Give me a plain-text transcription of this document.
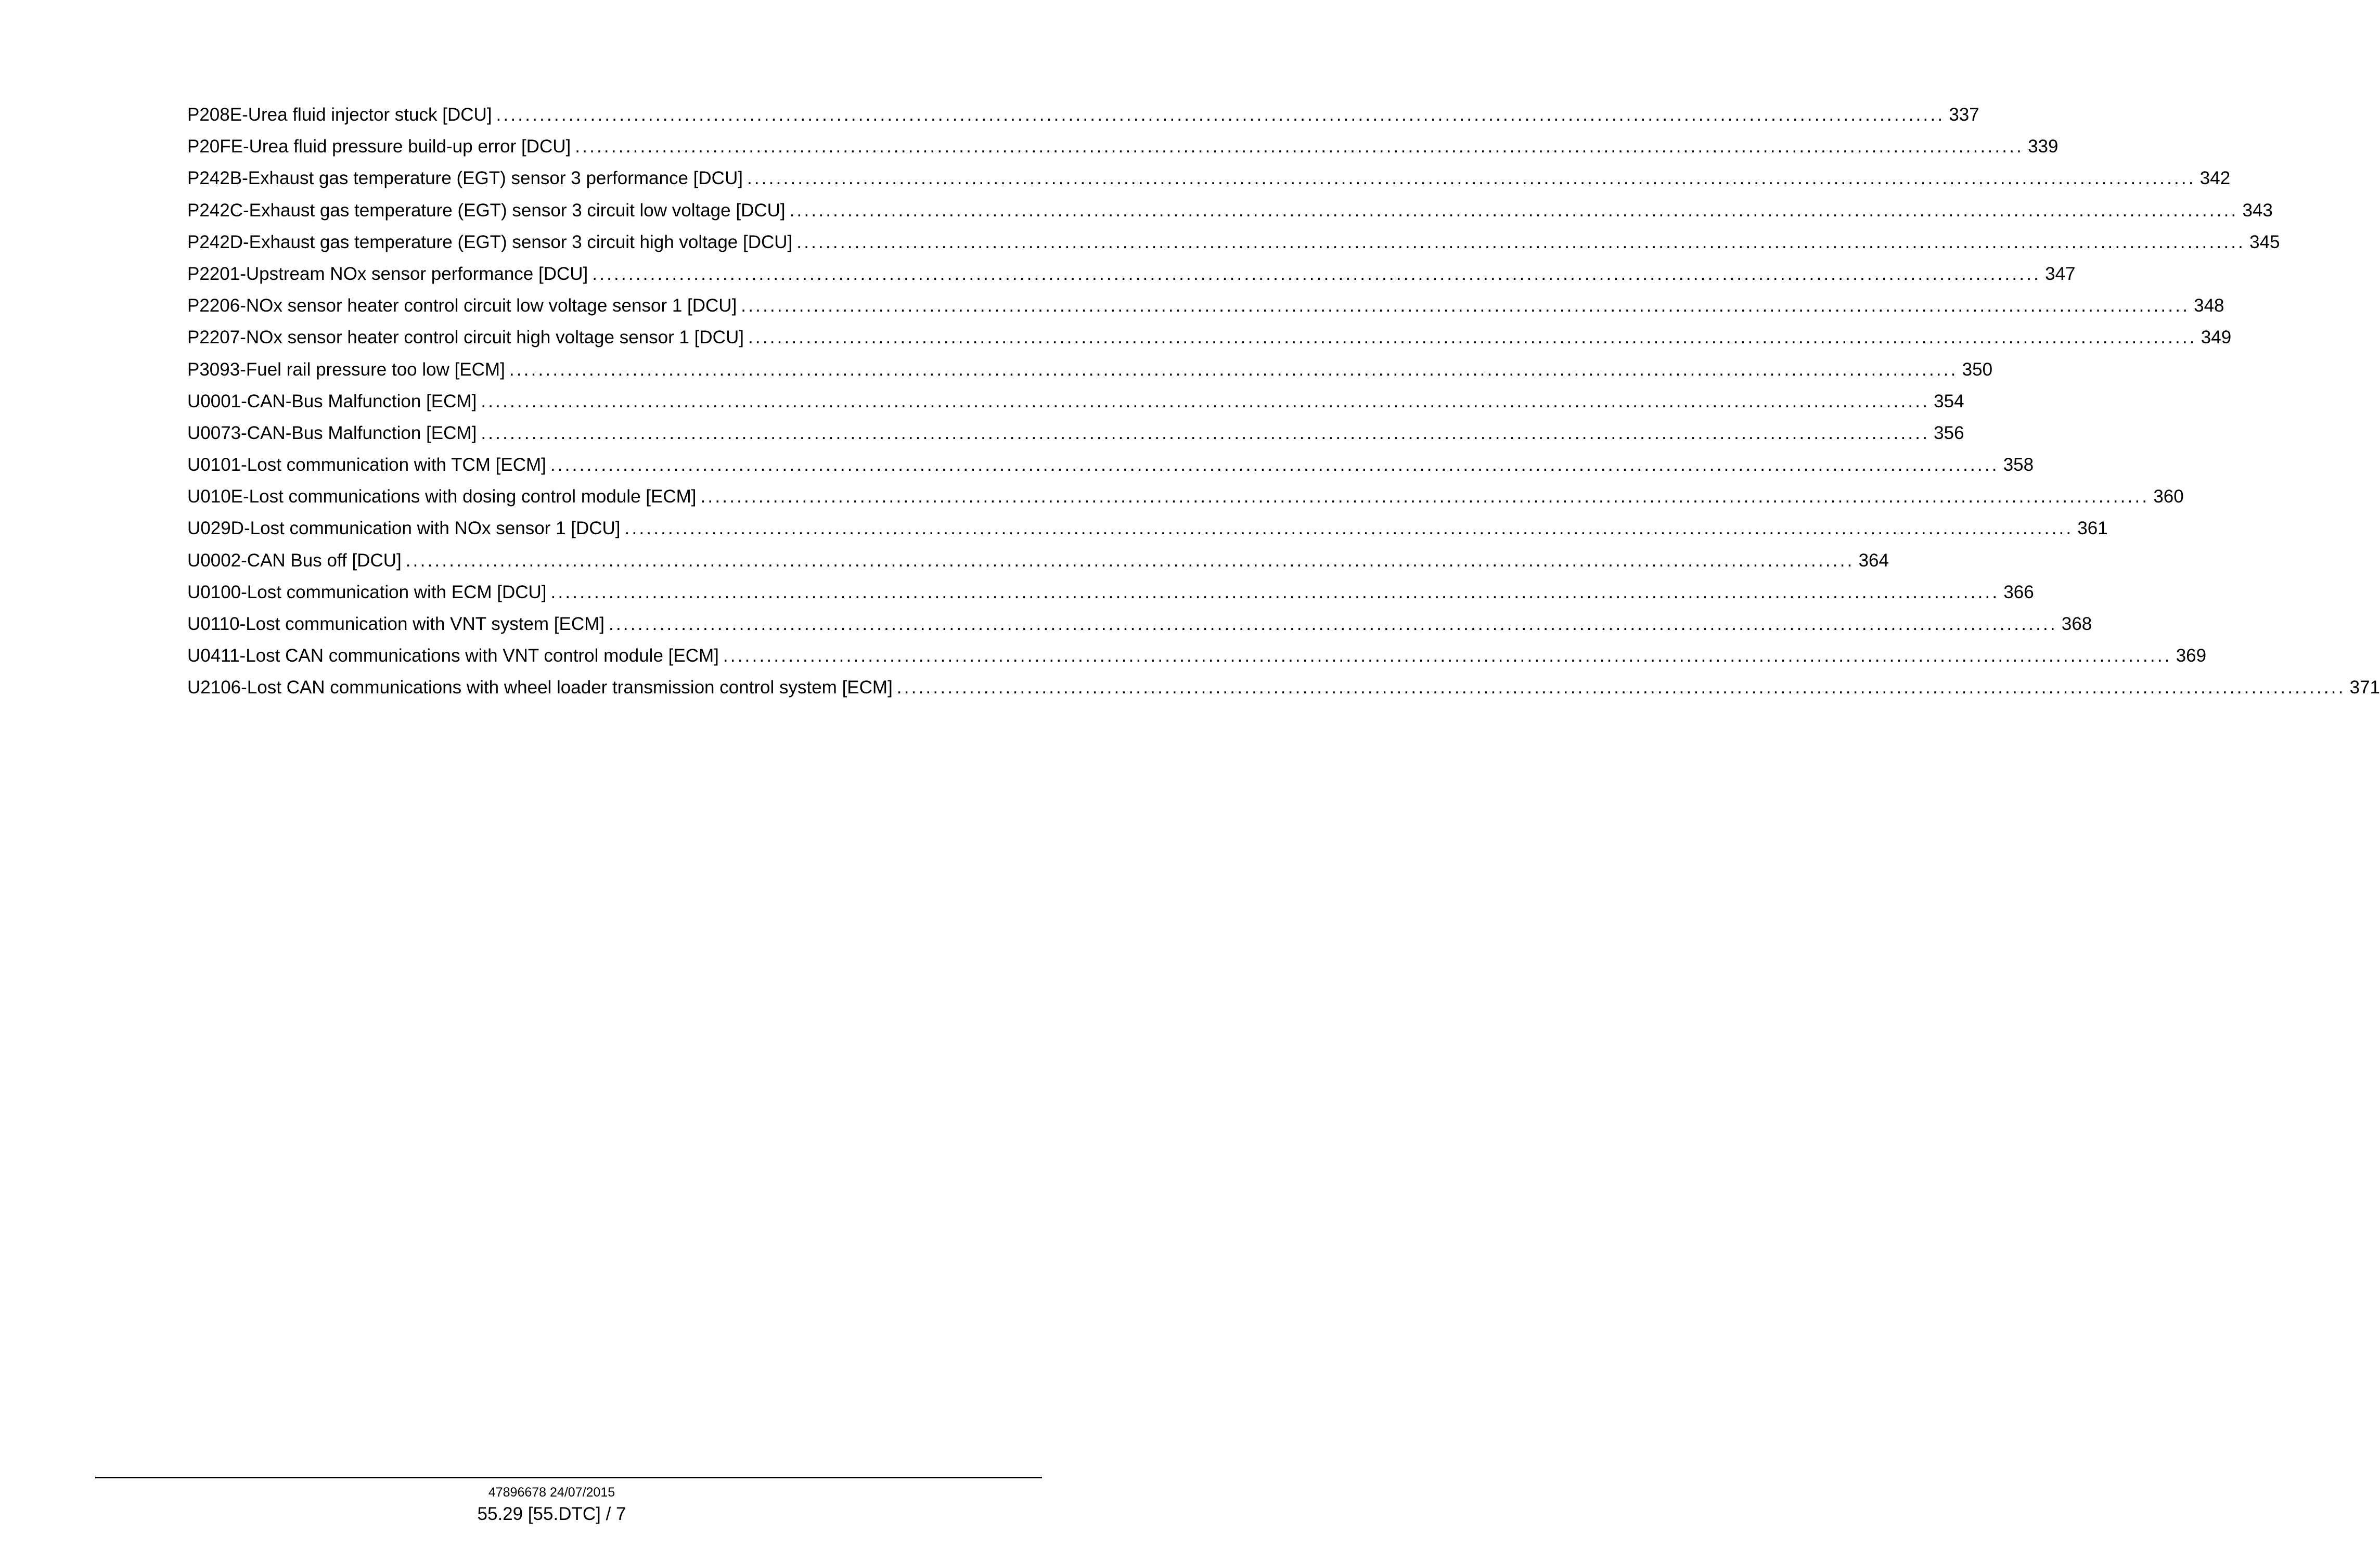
P208E-Urea fluid injector stuck [DCU] ........................................................................................................................................................................................................ 337
P20FE-Urea fluid pressure build-up error [DCU] ........................................................................................................................................................................................................ 339
P242B-Exhaust gas temperature (EGT) sensor 3 performance [DCU] ........................................................................................................................................................................................................ 342
P242C-Exhaust gas temperature (EGT) sensor 3 circuit low voltage [DCU] ........................................................................................................................................................................................................ 343
P242D-Exhaust gas temperature (EGT) sensor 3 circuit high voltage [DCU] ........................................................................................................................................................................................................ 345
P2201-Upstream NOx sensor performance [DCU] ........................................................................................................................................................................................................ 347
P2206-NOx sensor heater control circuit low voltage sensor 1 [DCU] ........................................................................................................................................................................................................ 348
P2207-NOx sensor heater control circuit high voltage sensor 1 [DCU] ........................................................................................................................................................................................................ 349
P3093-Fuel rail pressure too low [ECM] ........................................................................................................................................................................................................ 350
U0001-CAN-Bus Malfunction [ECM] ........................................................................................................................................................................................................ 354
U0073-CAN-Bus Malfunction [ECM] ........................................................................................................................................................................................................ 356
U0101-Lost communication with TCM [ECM] ........................................................................................................................................................................................................ 358
U010E-Lost communications with dosing control module [ECM] ........................................................................................................................................................................................................ 360
U029D-Lost communication with NOx sensor 1 [DCU] ........................................................................................................................................................................................................ 361
U0002-CAN Bus off [DCU] ........................................................................................................................................................................................................ 364
U0100-Lost communication with ECM [DCU] ........................................................................................................................................................................................................ 366
U0110-Lost communication with VNT system [ECM] ........................................................................................................................................................................................................ 368
U0411-Lost CAN communications with VNT control module [ECM] ........................................................................................................................................................................................................ 369
U2106-Lost CAN communications with wheel loader transmission control system [ECM] ........................................................................................................................................................................................................ 371
47896678 24/07/2015
55.29 [55.DTC] / 7
